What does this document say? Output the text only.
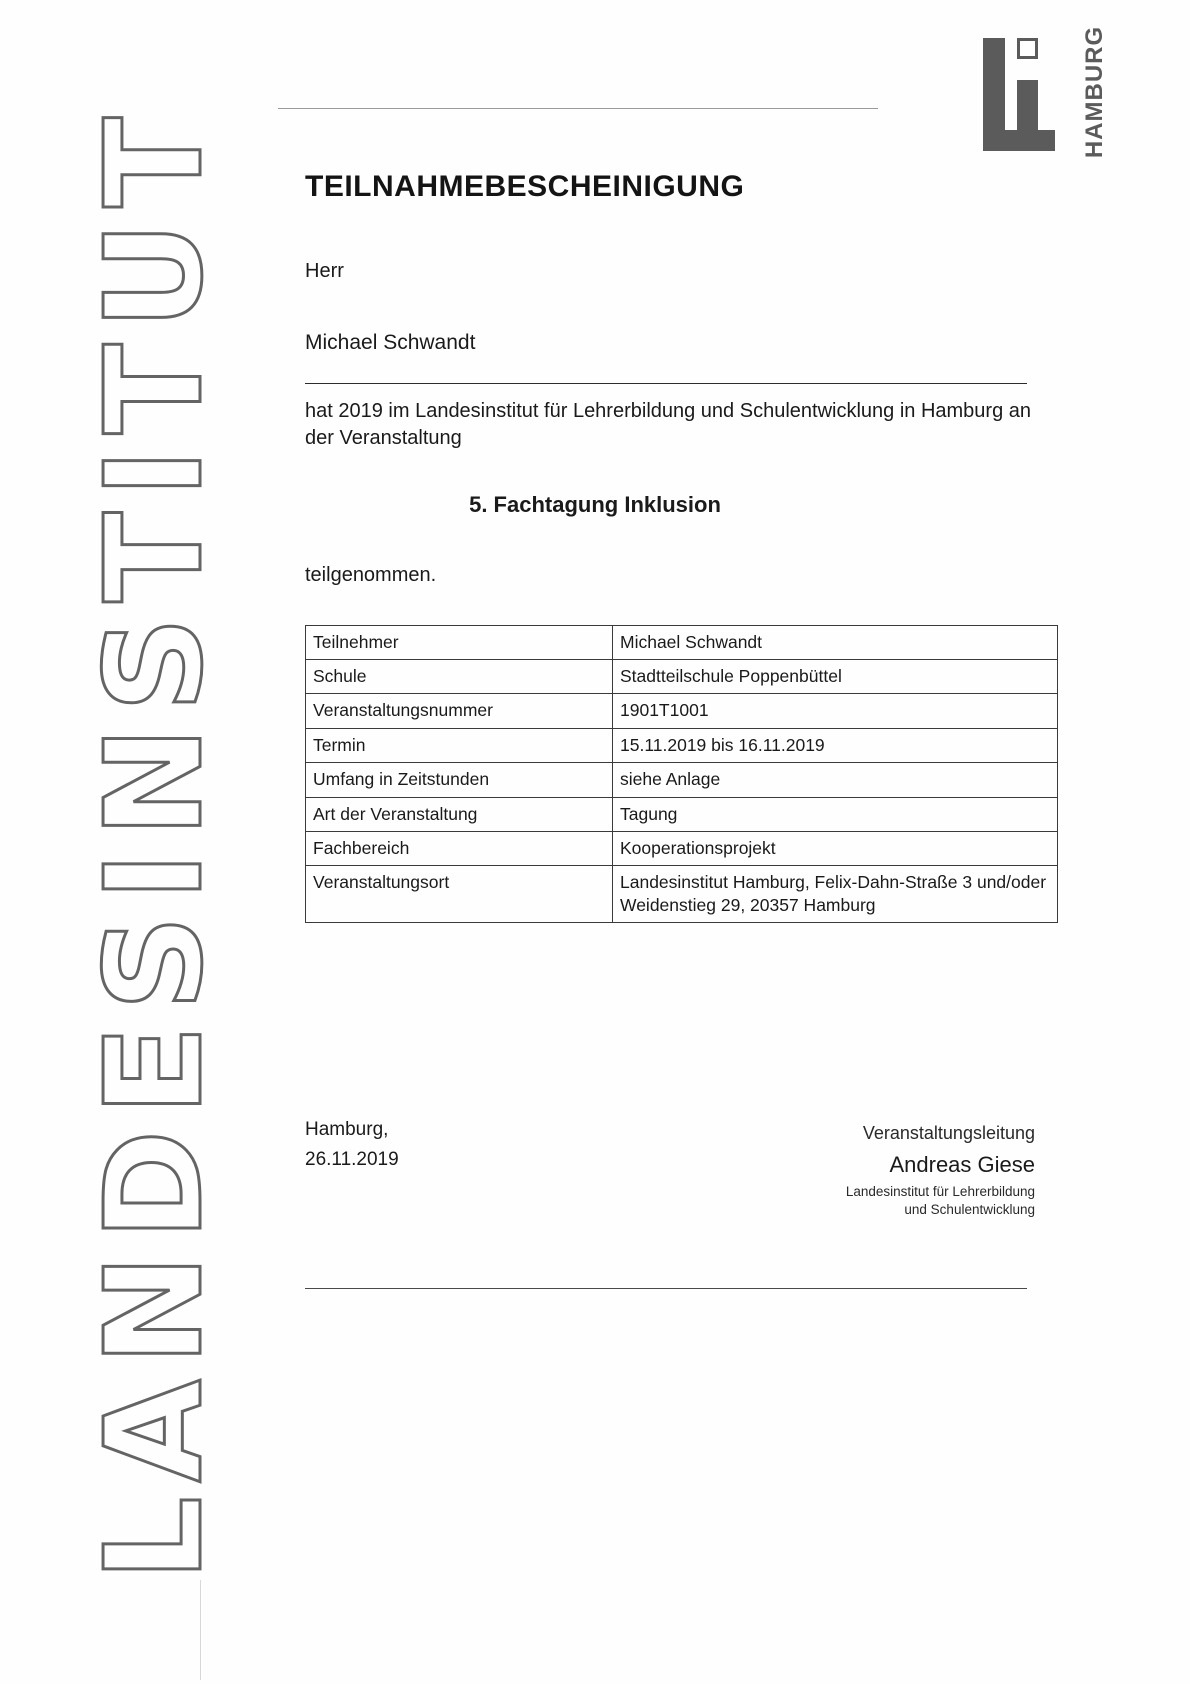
LANDESINSTITUT
HAMBURG
TEILNAHMEBESCHEINIGUNG
Herr
Michael Schwandt
hat 2019 im Landesinstitut für Lehrerbildung und Schulentwicklung in Hamburg an der Veranstaltung
5. Fachtagung Inklusion
teilgenommen.
Teilnehmer	Michael Schwandt
Schule	Stadtteilschule Poppenbüttel
Veranstaltungsnummer	1901T1001
Termin	15.11.2019 bis 16.11.2019
Umfang in Zeitstunden	siehe Anlage
Art der Veranstaltung	Tagung
Fachbereich	Kooperationsprojekt
Veranstaltungsort	Landesinstitut Hamburg, Felix-Dahn-Straße 3 und/oder Weidenstieg 29, 20357 Hamburg
Hamburg,
26.11.2019
Veranstaltungsleitung
Andreas Giese
Landesinstitut für Lehrerbildung
und Schulentwicklung
